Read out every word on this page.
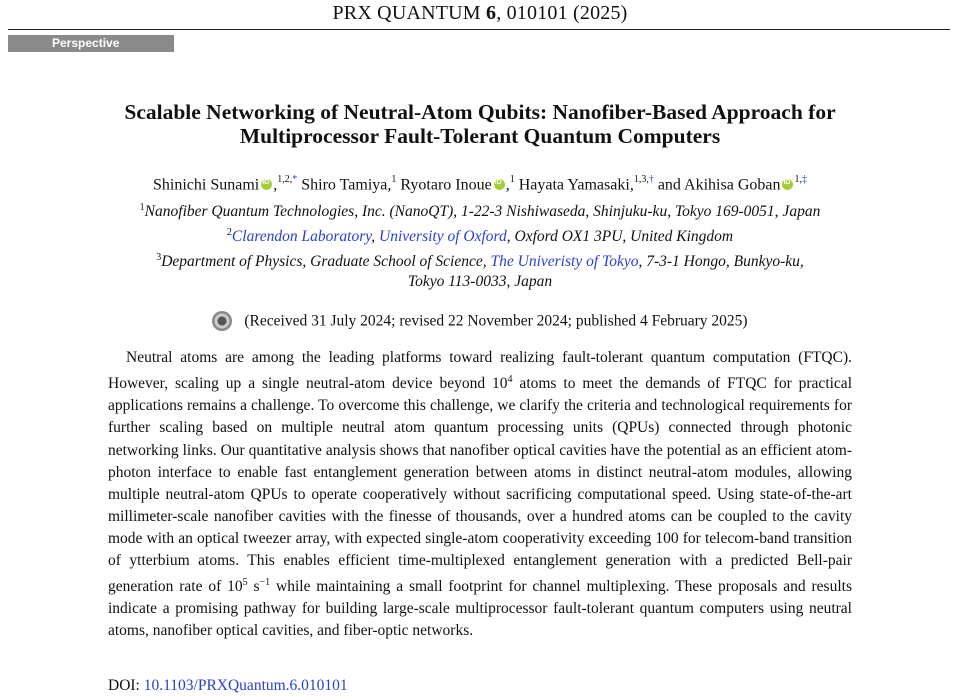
PRX QUANTUM 6, 010101 (2025)
Perspective
Scalable Networking of Neutral-Atom Qubits: Nanofiber-Based Approach for
Multiprocessor Fault-Tolerant Quantum Computers
Shinichi Sunami iD ,$^{1,2,*}$ Shiro Tamiya,$^1$ Ryotaro Inoue iD ,$^1$ Hayata Yamasaki,$^{1,3,\dagger}$ and Akihisa Goban iD $^{1,\ddagger}$
$^1$Nanofiber Quantum Technologies, Inc. (NanoQT), 1-22-3 Nishiwaseda, Shinjuku-ku, Tokyo 169-0051, Japan
$^2$Clarendon Laboratory, University of Oxford, Oxford OX1 3PU, United Kingdom
$^3$Department of Physics, Graduate School of Science, The Univeristy of Tokyo, 7-3-1 Hongo, Bunkyo-ku,
Tokyo 113-0033, Japan
(Received 31 July 2024; revised 22 November 2024; published 4 February 2025)

Neutral atoms are among the leading platforms toward realizing fault-tolerant quantum computation (FTQC). However, scaling up a single neutral-atom device beyond $10^4$ atoms to meet the demands of FTQC for practical applications remains a challenge. To overcome this challenge, we clarify the criteria and technological requirements for further scaling based on multiple neutral atom quantum processing units (QPUs) connected through photonic networking links. Our quantitative analysis shows that nanofiber optical cavities have the potential as an efficient atom-photon interface to enable fast entanglement generation between atoms in distinct neutral-atom modules, allowing multiple neutral-atom QPUs to operate cooperatively without sacrificing computational speed. Using state-of-the-art millimeter-scale nanofiber cavities with the finesse of thousands, over a hundred atoms can be coupled to the cavity mode with an optical tweezer array, with expected single-atom cooperativity exceeding 100 for telecom-band transition of ytterbium atoms. This enables efficient time-multiplexed entanglement generation with a predicted Bell-pair generation rate of $10^5$ $s^{-1}$ while maintaining a small footprint for channel multiplexing. These proposals and results indicate a promising pathway for building large-scale multiprocessor fault-tolerant quantum computers using neutral atoms, nanofiber optical cavities, and fiber-optic networks.

DOI: 10.1103/PRXQuantum.6.010101
